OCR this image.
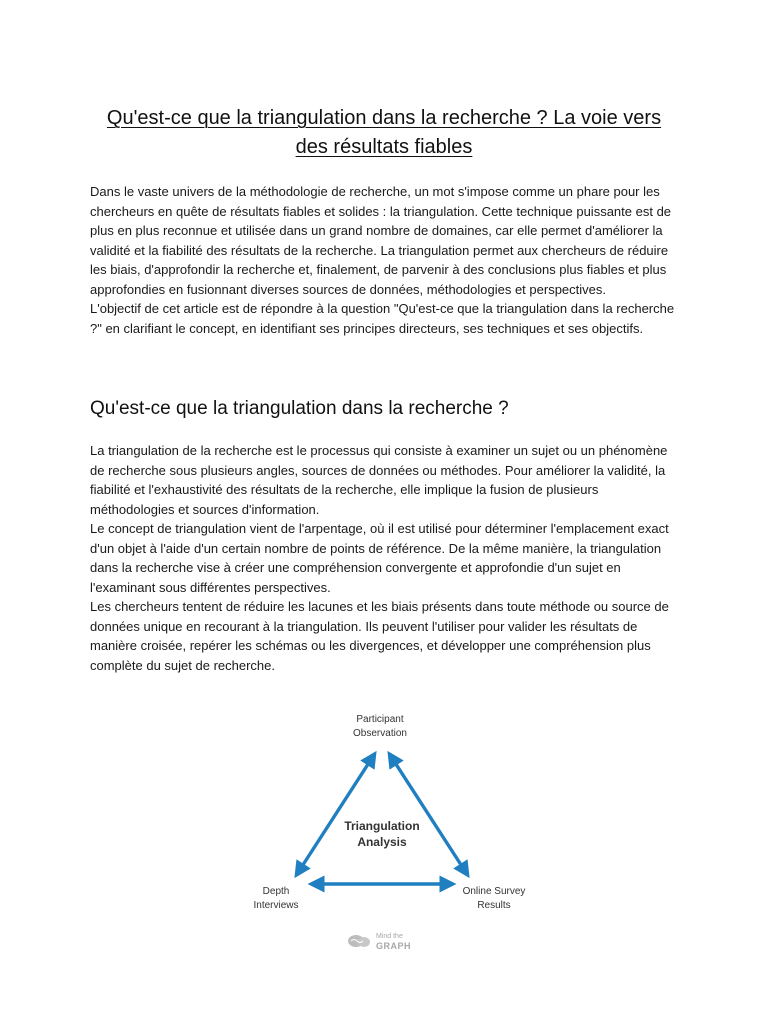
Qu'est-ce que la triangulation dans la recherche ? La voie vers des résultats fiables

Dans le vaste univers de la méthodologie de recherche, un mot s'impose comme un phare pour les chercheurs en quête de résultats fiables et solides : la triangulation. Cette technique puissante est de plus en plus reconnue et utilisée dans un grand nombre de domaines, car elle permet d'améliorer la validité et la fiabilité des résultats de la recherche. La triangulation permet aux chercheurs de réduire les biais, d'approfondir la recherche et, finalement, de parvenir à des conclusions plus fiables et plus approfondies en fusionnant diverses sources de données, méthodologies et perspectives.

L'objectif de cet article est de répondre à la question "Qu'est-ce que la triangulation dans la recherche ?" en clarifiant le concept, en identifiant ses principes directeurs, ses techniques et ses objectifs.

Qu'est-ce que la triangulation dans la recherche ?

La triangulation de la recherche est le processus qui consiste à examiner un sujet ou un phénomène de recherche sous plusieurs angles, sources de données ou méthodes. Pour améliorer la validité, la fiabilité et l'exhaustivité des résultats de la recherche, elle implique la fusion de plusieurs méthodologies et sources d'information.

Le concept de triangulation vient de l'arpentage, où il est utilisé pour déterminer l'emplacement exact d'un objet à l'aide d'un certain nombre de points de référence. De la même manière, la triangulation dans la recherche vise à créer une compréhension convergente et approfondie d'un sujet en l'examinant sous différentes perspectives.

Les chercheurs tentent de réduire les lacunes et les biais présents dans toute méthode ou source de données unique en recourant à la triangulation. Ils peuvent l'utiliser pour valider les résultats de manière croisée, repérer les schémas ou les divergences, et développer une compréhension plus complète du sujet de recherche.

Participant
Observation
Depth
Interviews
Online Survey
Results
Triangulation
Analysis
Mind the
GRAPH
